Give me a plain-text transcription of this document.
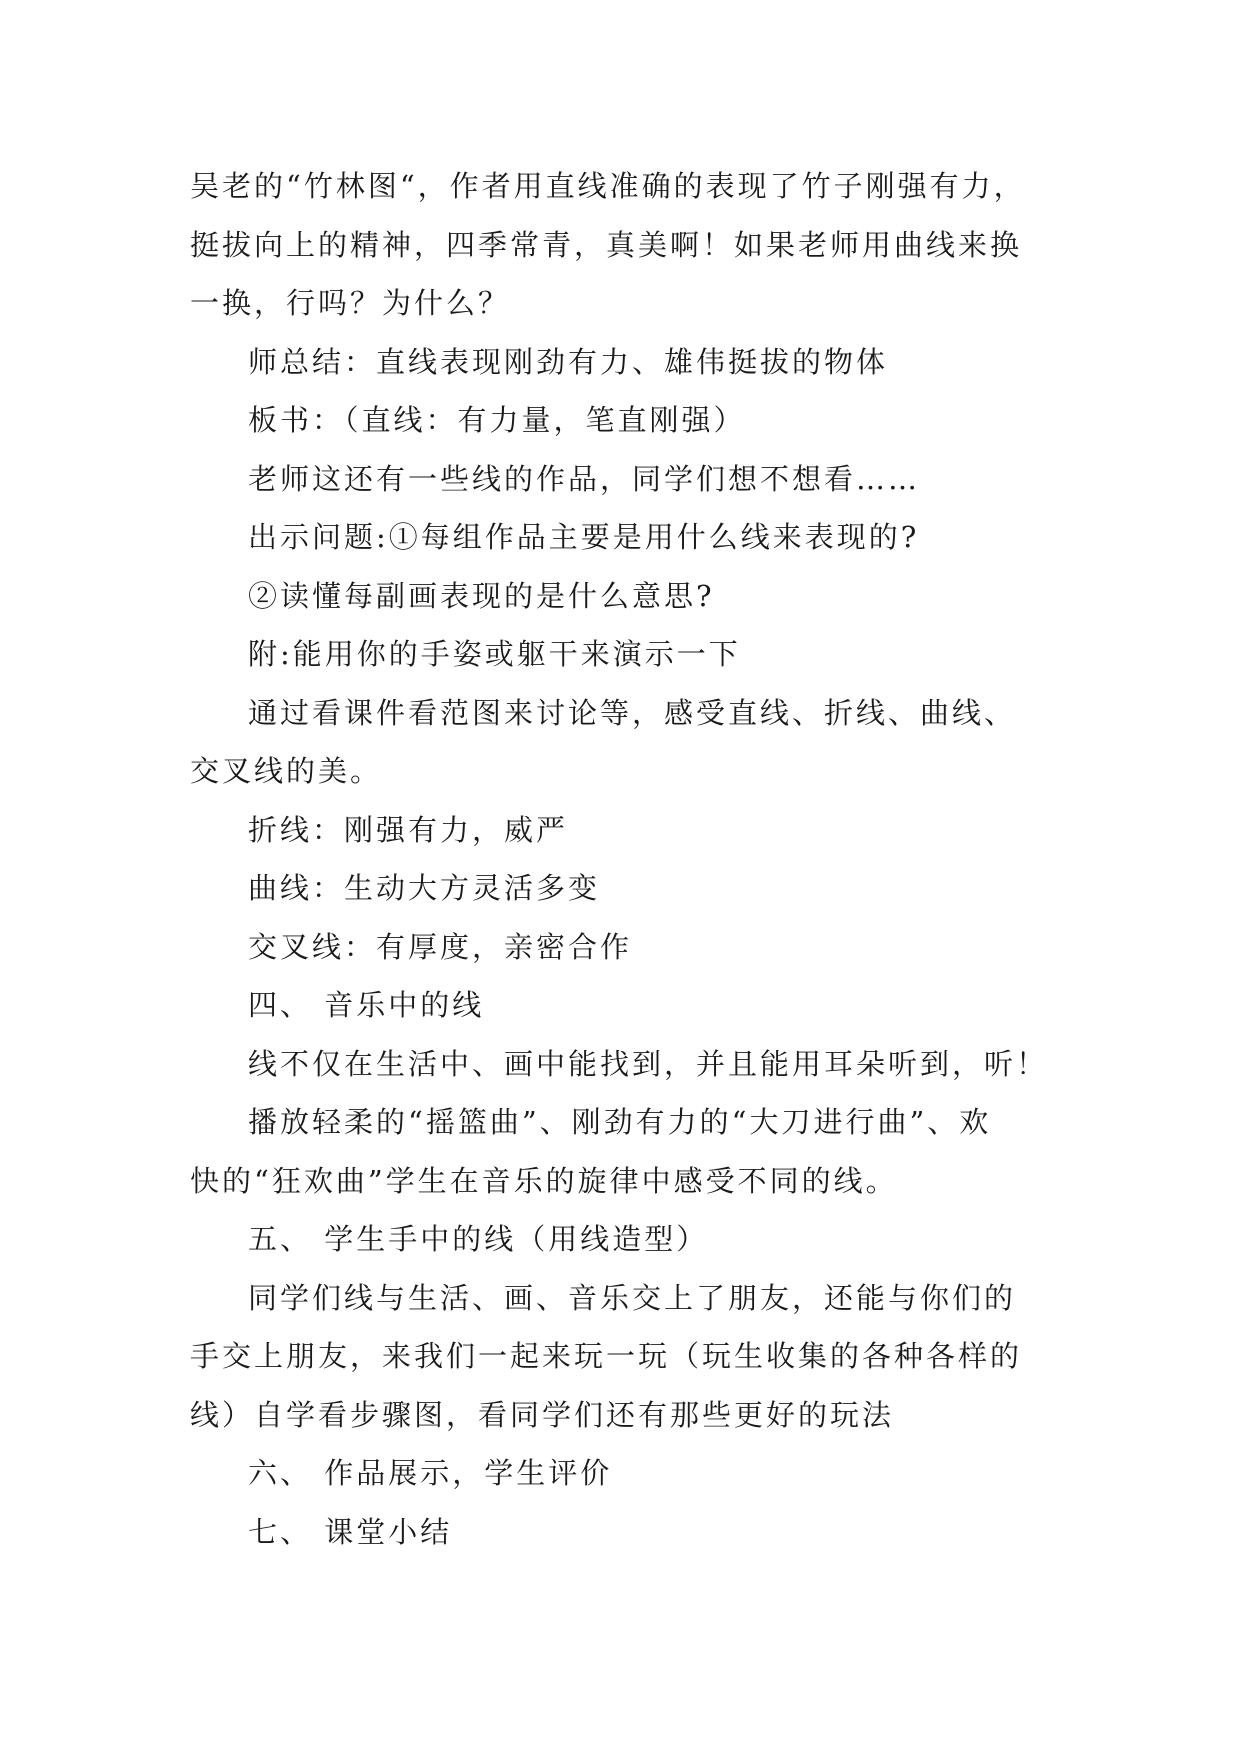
吴老的“竹林图“，作者用直线准确的表现了竹子刚强有力，
挺拔向上的精神，四季常青，真美啊！如果老师用曲线来换
一换，行吗？为什么？
师总结：直线表现刚劲有力、雄伟挺拔的物体
板书：（直线：有力量，笔直刚强）
老师这还有一些线的作品，同学们想不想看……
出示问题:①每组作品主要是用什么线来表现的?
②读懂每副画表现的是什么意思?
附:能用你的手姿或躯干来演示一下
通过看课件看范图来讨论等，感受直线、折线、曲线、
交叉线的美。
折线：刚强有力，威严
曲线：生动大方灵活多变
交叉线：有厚度，亲密合作
四、 音乐中的线
线不仅在生活中、画中能找到，并且能用耳朵听到，听！
播放轻柔的“摇篮曲”、刚劲有力的“大刀进行曲”、欢
快的“狂欢曲”学生在音乐的旋律中感受不同的线。
五、 学生手中的线（用线造型）
同学们线与生活、画、音乐交上了朋友，还能与你们的
手交上朋友，来我们一起来玩一玩（玩生收集的各种各样的
线）自学看步骤图，看同学们还有那些更好的玩法
六、 作品展示，学生评价
七、 课堂小结
